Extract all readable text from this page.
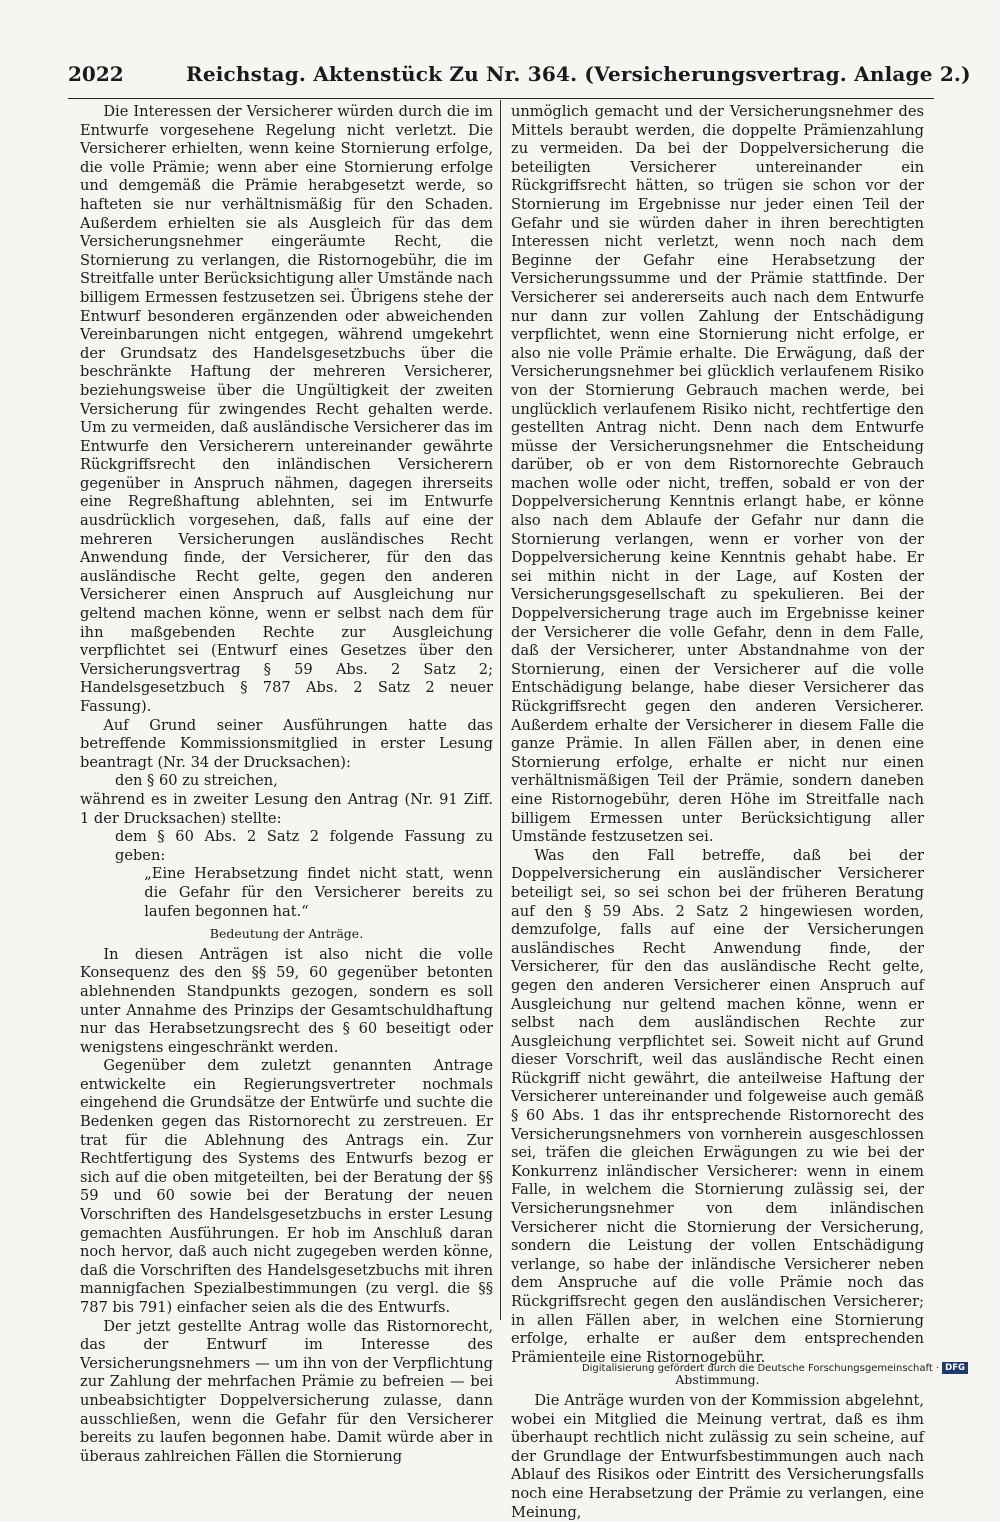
2022	Reichstag. Aktenstück Zu Nr. 364. (Versicherungsvertrag. Anlage 2.)

Die Interessen der Versicherer würden durch die im Entwurfe vorgesehene Regelung nicht verletzt. Die Versicherer erhielten, wenn keine Stornierung erfolge, die volle Prämie; wenn aber eine Stornierung erfolge und demgemäß die Prämie herabgesetzt werde, so hafteten sie nur verhältnismäßig für den Schaden. Außerdem erhielten sie als Ausgleich für das dem Versicherungsnehmer eingeräumte Recht, die Stornierung zu verlangen, die Ristornogebühr, die im Streitfalle unter Berücksichtigung aller Umstände nach billigem Ermessen festzusetzen sei. Übrigens stehe der Entwurf besonderen ergänzenden oder abweichenden Vereinbarungen nicht entgegen, während umgekehrt der Grundsatz des Handelsgesetzbuchs über die beschränkte Haftung der mehreren Versicherer, beziehungsweise über die Ungültigkeit der zweiten Versicherung für zwingendes Recht gehalten werde. Um zu vermeiden, daß ausländische Versicherer das im Entwurfe den Versicherern untereinander gewährte Rückgriffsrecht den inländischen Versicherern gegenüber in Anspruch nähmen, dagegen ihrerseits eine Regreßhaftung ablehnten, sei im Entwurfe ausdrücklich vorgesehen, daß, falls auf eine der mehreren Versicherungen ausländisches Recht Anwendung finde, der Versicherer, für den das ausländische Recht gelte, gegen den anderen Versicherer einen Anspruch auf Ausgleichung nur geltend machen könne, wenn er selbst nach dem für ihn maßgebenden Rechte zur Ausgleichung verpflichtet sei (Entwurf eines Gesetzes über den Versicherungsvertrag § 59 Abs. 2 Satz 2; Handelsgesetzbuch § 787 Abs. 2 Satz 2 neuer Fassung).

Auf Grund seiner Ausführungen hatte das betreffende Kommissionsmitglied in erster Lesung beantragt (Nr. 34 der Drucksachen):

den § 60 zu streichen,

während es in zweiter Lesung den Antrag (Nr. 91 Ziff. 1 der Drucksachen) stellte:

dem § 60 Abs. 2 Satz 2 folgende Fassung zu geben:

„Eine Herabsetzung findet nicht statt, wenn die Gefahr für den Versicherer bereits zu laufen begonnen hat.“

Bedeutung der Anträge.

In diesen Anträgen ist also nicht die volle Konsequenz des den §§ 59, 60 gegenüber betonten ablehnenden Standpunkts gezogen, sondern es soll unter Annahme des Prinzips der Gesamtschuldhaftung nur das Herabsetzungsrecht des § 60 beseitigt oder wenigstens eingeschränkt werden.

Gegenüber dem zuletzt genannten Antrage entwickelte ein Regierungsvertreter nochmals eingehend die Grundsätze der Entwürfe und suchte die Bedenken gegen das Ristornorecht zu zerstreuen. Er trat für die Ablehnung des Antrags ein. Zur Rechtfertigung des Systems des Entwurfs bezog er sich auf die oben mitgeteilten, bei der Beratung der §§ 59 und 60 sowie bei der Beratung der neuen Vorschriften des Handelsgesetzbuchs in erster Lesung gemachten Ausführungen. Er hob im Anschluß daran noch hervor, daß auch nicht zugegeben werden könne, daß die Vorschriften des Handelsgesetzbuchs mit ihren mannigfachen Spezialbestimmungen (zu vergl. die §§ 787 bis 791) einfacher seien als die des Entwurfs.

Der jetzt gestellte Antrag wolle das Ristornorecht, das der Entwurf im Interesse des Versicherungsnehmers — um ihn von der Verpflichtung zur Zahlung der mehrfachen Prämie zu befreien — bei unbeabsichtigter Doppelversicherung zulasse, dann ausschließen, wenn die Gefahr für den Versicherer bereits zu laufen begonnen habe. Damit würde aber in überaus zahlreichen Fällen die Stornierung

unmöglich gemacht und der Versicherungsnehmer des Mittels beraubt werden, die doppelte Prämienzahlung zu vermeiden. Da bei der Doppelversicherung die beteiligten Versicherer untereinander ein Rückgriffsrecht hätten, so trügen sie schon vor der Stornierung im Ergebnisse nur jeder einen Teil der Gefahr und sie würden daher in ihren berechtigten Interessen nicht verletzt, wenn noch nach dem Beginne der Gefahr eine Herabsetzung der Versicherungssumme und der Prämie stattfinde. Der Versicherer sei andererseits auch nach dem Entwurfe nur dann zur vollen Zahlung der Entschädigung verpflichtet, wenn eine Stornierung nicht erfolge, er also nie volle Prämie erhalte. Die Erwägung, daß der Versicherungsnehmer bei glücklich verlaufenem Risiko von der Stornierung Gebrauch machen werde, bei unglücklich verlaufenem Risiko nicht, rechtfertige den gestellten Antrag nicht. Denn nach dem Entwurfe müsse der Versicherungsnehmer die Entscheidung darüber, ob er von dem Ristornorechte Gebrauch machen wolle oder nicht, treffen, sobald er von der Doppelversicherung Kenntnis erlangt habe, er könne also nach dem Ablaufe der Gefahr nur dann die Stornierung verlangen, wenn er vorher von der Doppelversicherung keine Kenntnis gehabt habe. Er sei mithin nicht in der Lage, auf Kosten der Versicherungsgesellschaft zu spekulieren. Bei der Doppelversicherung trage auch im Ergebnisse keiner der Versicherer die volle Gefahr, denn in dem Falle, daß der Versicherer, unter Abstandnahme von der Stornierung, einen der Versicherer auf die volle Entschädigung belange, habe dieser Versicherer das Rückgriffsrecht gegen den anderen Versicherer. Außerdem erhalte der Versicherer in diesem Falle die ganze Prämie. In allen Fällen aber, in denen eine Stornierung erfolge, erhalte er nicht nur einen verhältnismäßigen Teil der Prämie, sondern daneben eine Ristornogebühr, deren Höhe im Streitfalle nach billigem Ermessen unter Berücksichtigung aller Umstände festzusetzen sei.

Was den Fall betreffe, daß bei der Doppelversicherung ein ausländischer Versicherer beteiligt sei, so sei schon bei der früheren Beratung auf den § 59 Abs. 2 Satz 2 hingewiesen worden, demzufolge, falls auf eine der Versicherungen ausländisches Recht Anwendung finde, der Versicherer, für den das ausländische Recht gelte, gegen den anderen Versicherer einen Anspruch auf Ausgleichung nur geltend machen könne, wenn er selbst nach dem ausländischen Rechte zur Ausgleichung verpflichtet sei. Soweit nicht auf Grund dieser Vorschrift, weil das ausländische Recht einen Rückgriff nicht gewährt, die anteilweise Haftung der Versicherer untereinander und folgeweise auch gemäß § 60 Abs. 1 das ihr entsprechende Ristornorecht des Versicherungsnehmers von vornherein ausgeschlossen sei, träfen die gleichen Erwägungen zu wie bei der Konkurrenz inländischer Versicherer: wenn in einem Falle, in welchem die Stornierung zulässig sei, der Versicherungsnehmer von dem inländischen Versicherer nicht die Stornierung der Versicherung, sondern die Leistung der vollen Entschädigung verlange, so habe der inländische Versicherer neben dem Anspruche auf die volle Prämie noch das Rückgriffsrecht gegen den ausländischen Versicherer; in allen Fällen aber, in welchen eine Stornierung erfolge, erhalte er außer dem entsprechenden Prämienteile eine Ristornogebühr.

Abstimmung.

Die Anträge wurden von der Kommission abgelehnt, wobei ein Mitglied die Meinung vertrat, daß es ihm überhaupt rechtlich nicht zulässig zu sein scheine, auf der Grundlage der Entwurfsbestimmungen auch nach Ablauf des Risikos oder Eintritt des Versicherungsfalls noch eine Herabsetzung der Prämie zu verlangen, eine Meinung,

Digitalisierung gefördert durch die Deutsche Forschungsgemeinschaft · DFG
